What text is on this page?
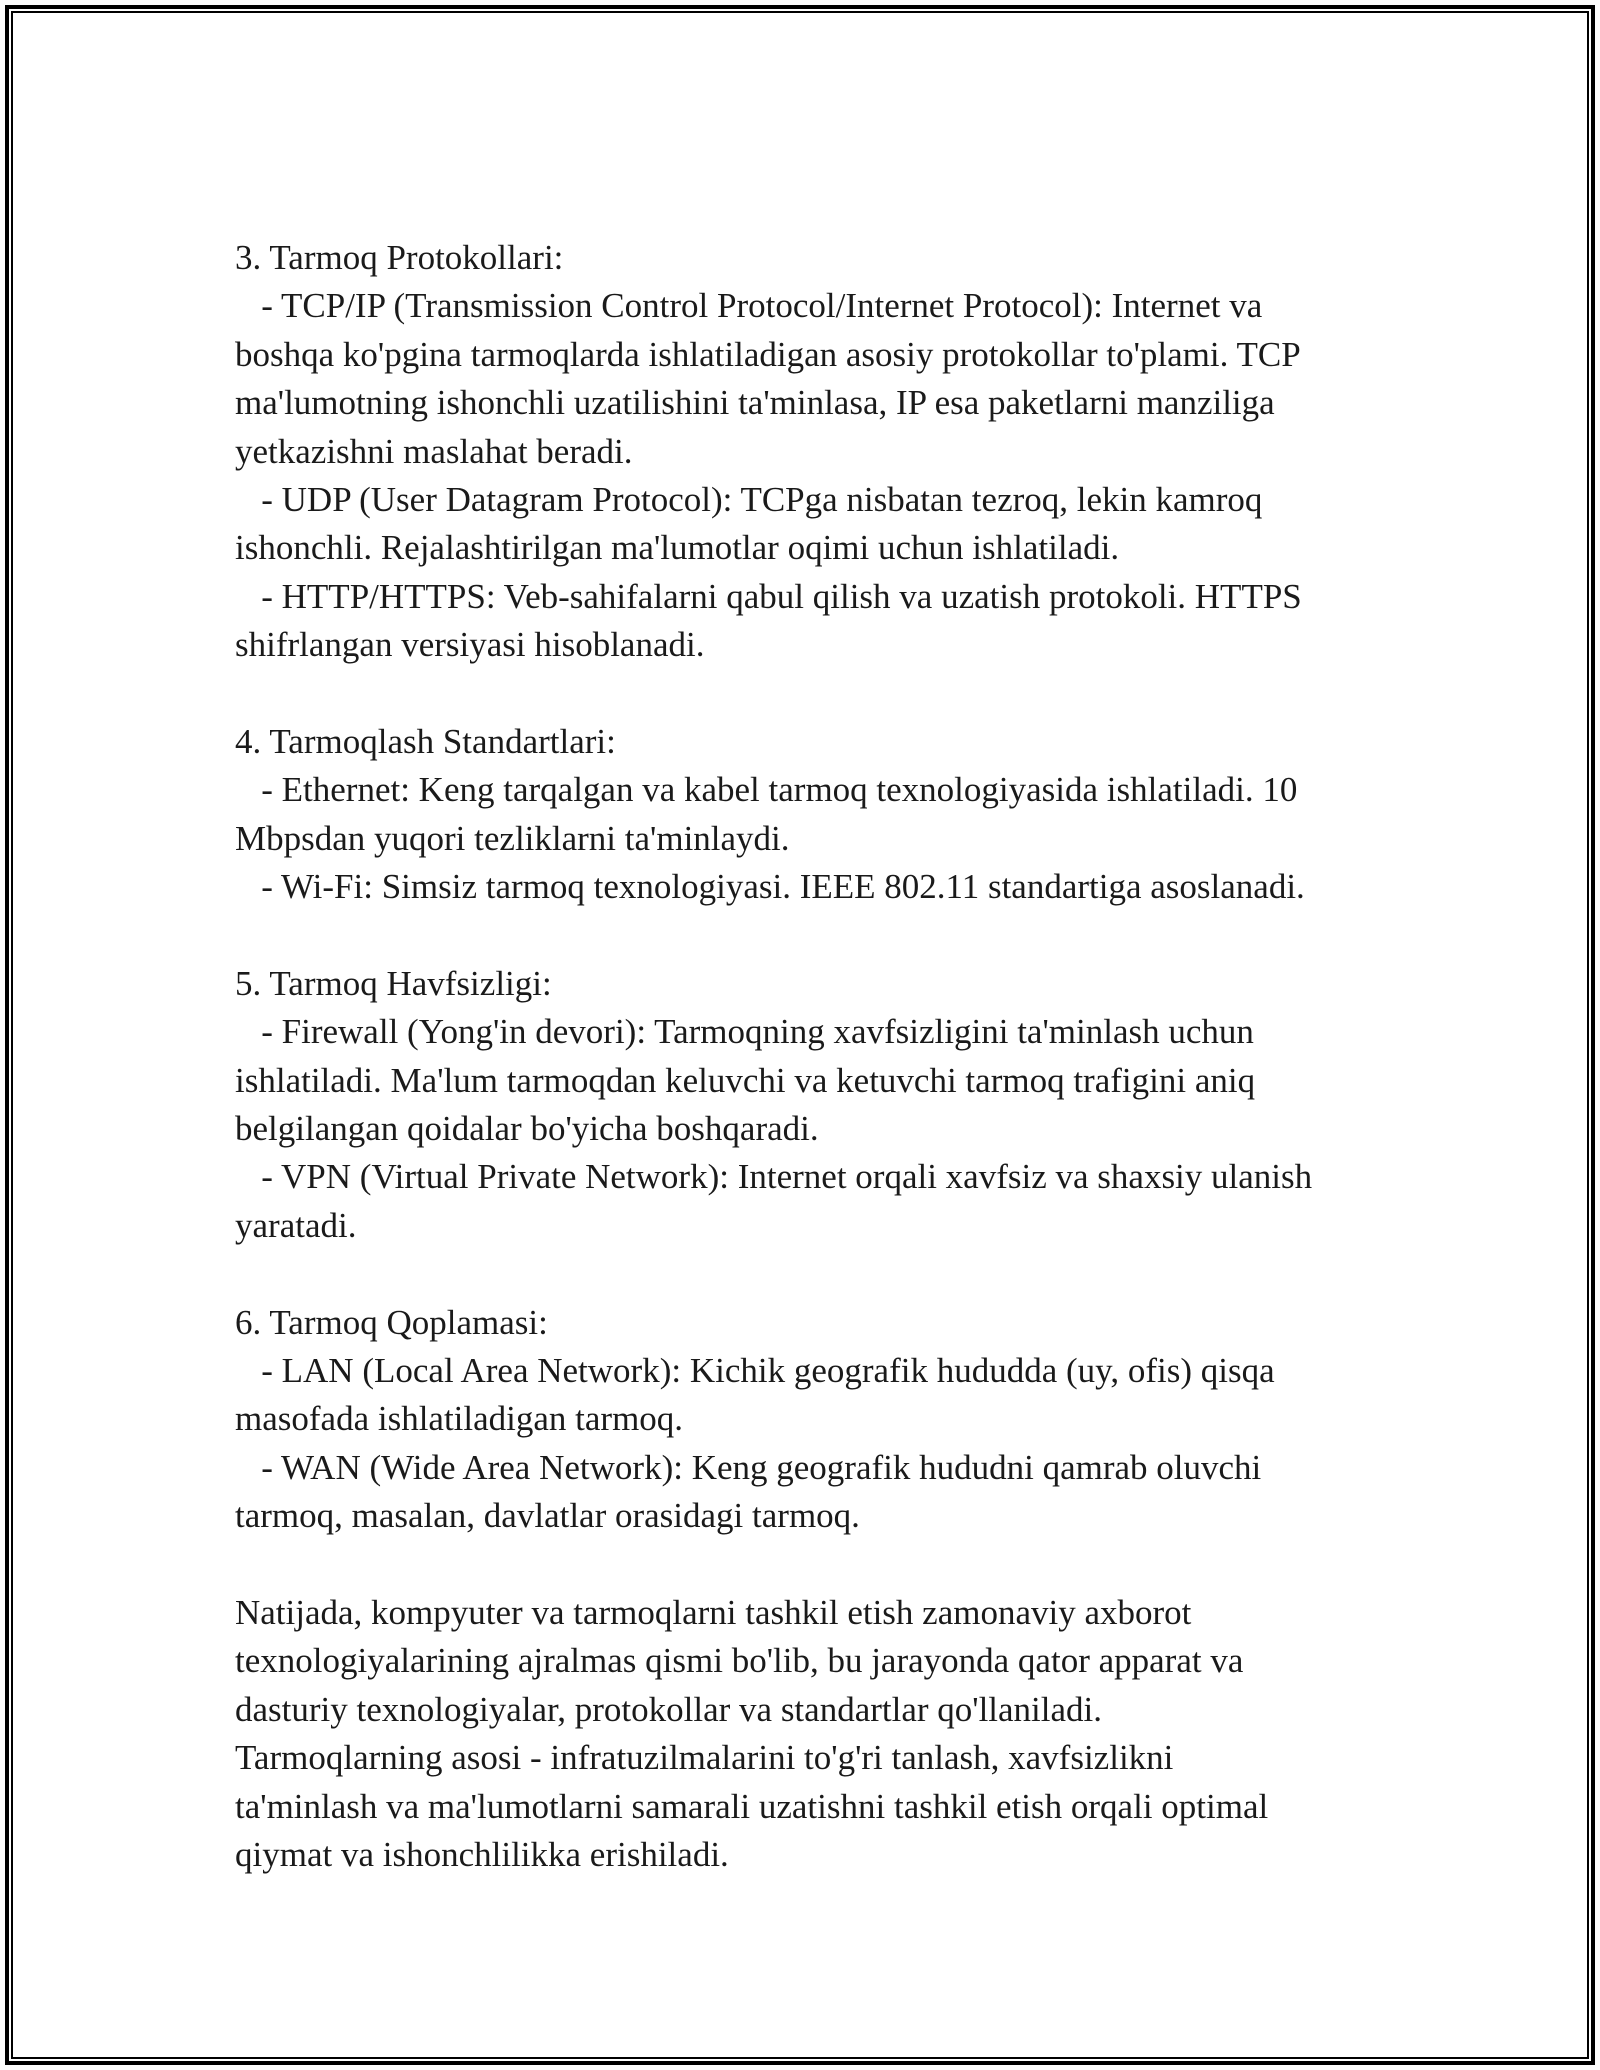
3. Tarmoq Protokollari:
- TCP/IP (Transmission Control Protocol/Internet Protocol): Internet va
boshqa ko'pgina tarmoqlarda ishlatiladigan asosiy protokollar to'plami. TCP
ma'lumotning ishonchli uzatilishini ta'minlasa, IP esa paketlarni manziliga
yetkazishni maslahat beradi.
- UDP (User Datagram Protocol): TCPga nisbatan tezroq, lekin kamroq
ishonchli. Rejalashtirilgan ma'lumotlar oqimi uchun ishlatiladi.
- HTTP/HTTPS: Veb-sahifalarni qabul qilish va uzatish protokoli. HTTPS
shifrlangan versiyasi hisoblanadi.
4. Tarmoqlash Standartlari:
- Ethernet: Keng tarqalgan va kabel tarmoq texnologiyasida ishlatiladi. 10
Mbpsdan yuqori tezliklarni ta'minlaydi.
- Wi-Fi: Simsiz tarmoq texnologiyasi. IEEE 802.11 standartiga asoslanadi.
5. Tarmoq Havfsizligi:
- Firewall (Yong'in devori): Tarmoqning xavfsizligini ta'minlash uchun
ishlatiladi. Ma'lum tarmoqdan keluvchi va ketuvchi tarmoq trafigini aniq
belgilangan qoidalar bo'yicha boshqaradi.
- VPN (Virtual Private Network): Internet orqali xavfsiz va shaxsiy ulanish
yaratadi.
6. Tarmoq Qoplamasi:
- LAN (Local Area Network): Kichik geografik hududda (uy, ofis) qisqa
masofada ishlatiladigan tarmoq.
- WAN (Wide Area Network): Keng geografik hududni qamrab oluvchi
tarmoq, masalan, davlatlar orasidagi tarmoq.
Natijada, kompyuter va tarmoqlarni tashkil etish zamonaviy axborot
texnologiyalarining ajralmas qismi bo'lib, bu jarayonda qator apparat va
dasturiy texnologiyalar, protokollar va standartlar qo'llaniladi.
Tarmoqlarning asosi - infratuzilmalarini to'g'ri tanlash, xavfsizlikni
ta'minlash va ma'lumotlarni samarali uzatishni tashkil etish orqali optimal
qiymat va ishonchlilikka erishiladi.
